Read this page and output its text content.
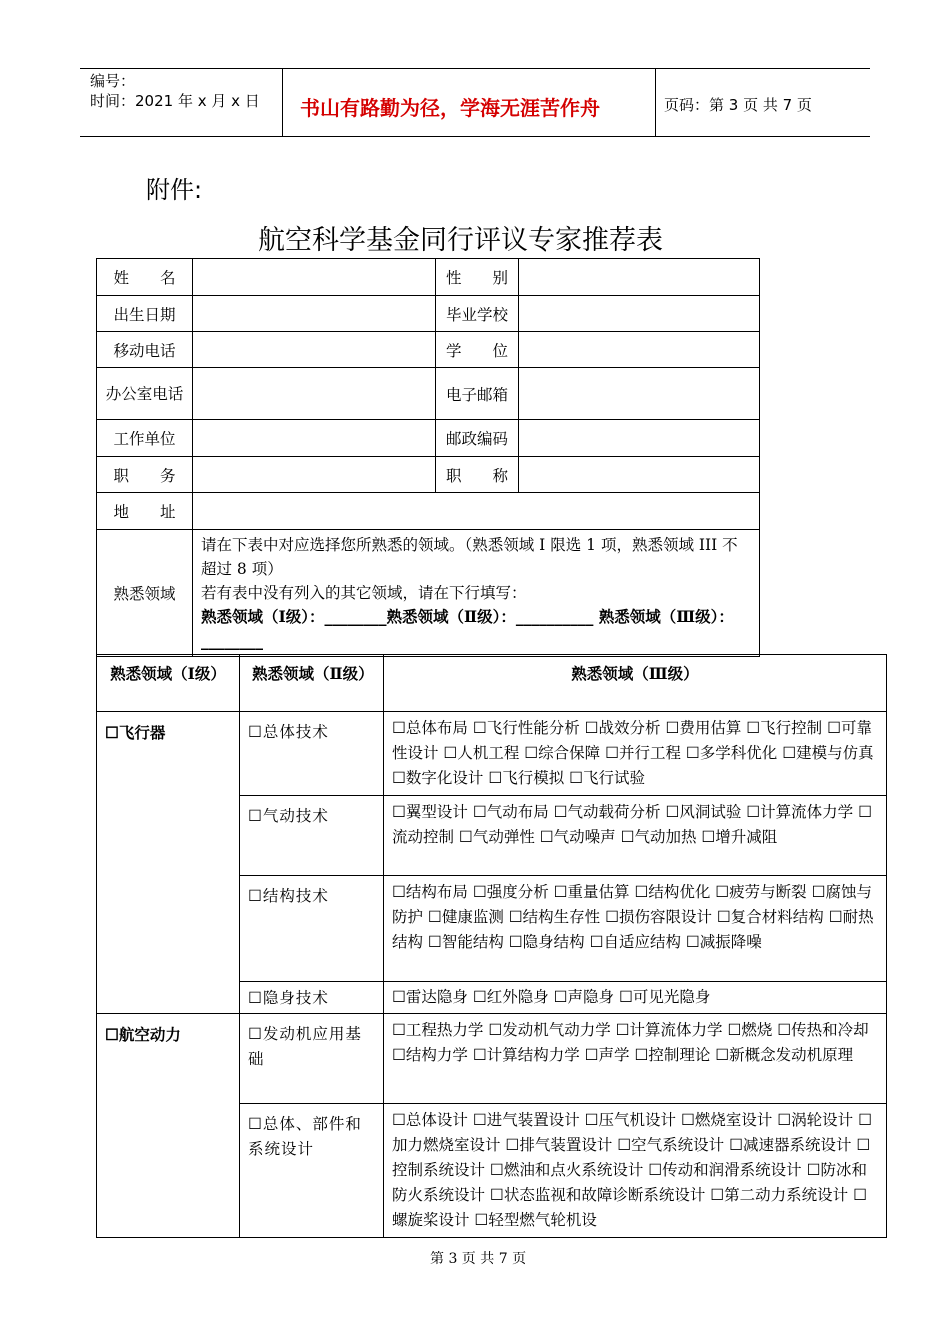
编号：
时间：2021 年 x 月 x 日 书山有路勤为径，学海无涯苦作舟	页码：第 3 页 共 7 页
附件:
航空科学基金同行评议专家推荐表
姓　　名		性　　别	
出生日期		毕业学校	
移动电话		学　　位	
办公室电话		电子邮箱	
工作单位		邮政编码	
职　　务		职　　称	
地　　址			
熟悉领域	请在下表中对应选择您所熟悉的领域。（熟悉领域 I 限选 1 项，熟悉领域 III 不超过 8 项）
若有表中没有列入的其它领域，请在下行填写：
熟悉领域（Ⅰ级）：________熟悉领域（Ⅱ级）：__________ 熟悉领域（Ⅲ级）：________		
熟悉领域（Ⅰ级）	熟悉领域（Ⅱ级）	熟悉领域（Ⅲ级）
☐飞行器	☐总体技术	☐总体布局 ☐飞行性能分析 ☐战效分析 ☐费用估算 ☐飞行控制 ☐可靠性设计 ☐人机工程 ☐综合保障 ☐并行工程 ☐多学科优化 ☐建模与仿真 ☐数字化设计 ☐飞行模拟 ☐飞行试验
	☐气动技术	☐翼型设计 ☐气动布局 ☐气动载荷分析 ☐风洞试验 ☐计算流体力学 ☐流动控制 ☐气动弹性 ☐气动噪声 ☐气动加热 ☐增升减阻
	☐结构技术	☐结构布局 ☐强度分析 ☐重量估算 ☐结构优化 ☐疲劳与断裂 ☐腐蚀与防护 ☐健康监测 ☐结构生存性 ☐损伤容限设计 ☐复合材料结构 ☐耐热结构 ☐智能结构 ☐隐身结构 ☐自适应结构 ☐减振降噪
	☐隐身技术	☐雷达隐身 ☐红外隐身 ☐声隐身 ☐可见光隐身
☐航空动力	☐发动机应用基础	☐工程热力学 ☐发动机气动力学 ☐计算流体力学 ☐燃烧 ☐传热和冷却 ☐结构力学 ☐计算结构力学 ☐声学 ☐控制理论 ☐新概念发动机原理
	☐总体、部件和系统设计	☐总体设计 ☐进气装置设计 ☐压气机设计 ☐燃烧室设计 ☐涡轮设计 ☐加力燃烧室设计 ☐排气装置设计 ☐空气系统设计 ☐减速器系统设计 ☐控制系统设计 ☐燃油和点火系统设计 ☐传动和润滑系统设计 ☐防冰和防火系统设计 ☐状态监视和故障诊断系统设计 ☐第二动力系统设计 ☐螺旋桨设计 ☐轻型燃气轮机设
第 3 页 共 7 页
